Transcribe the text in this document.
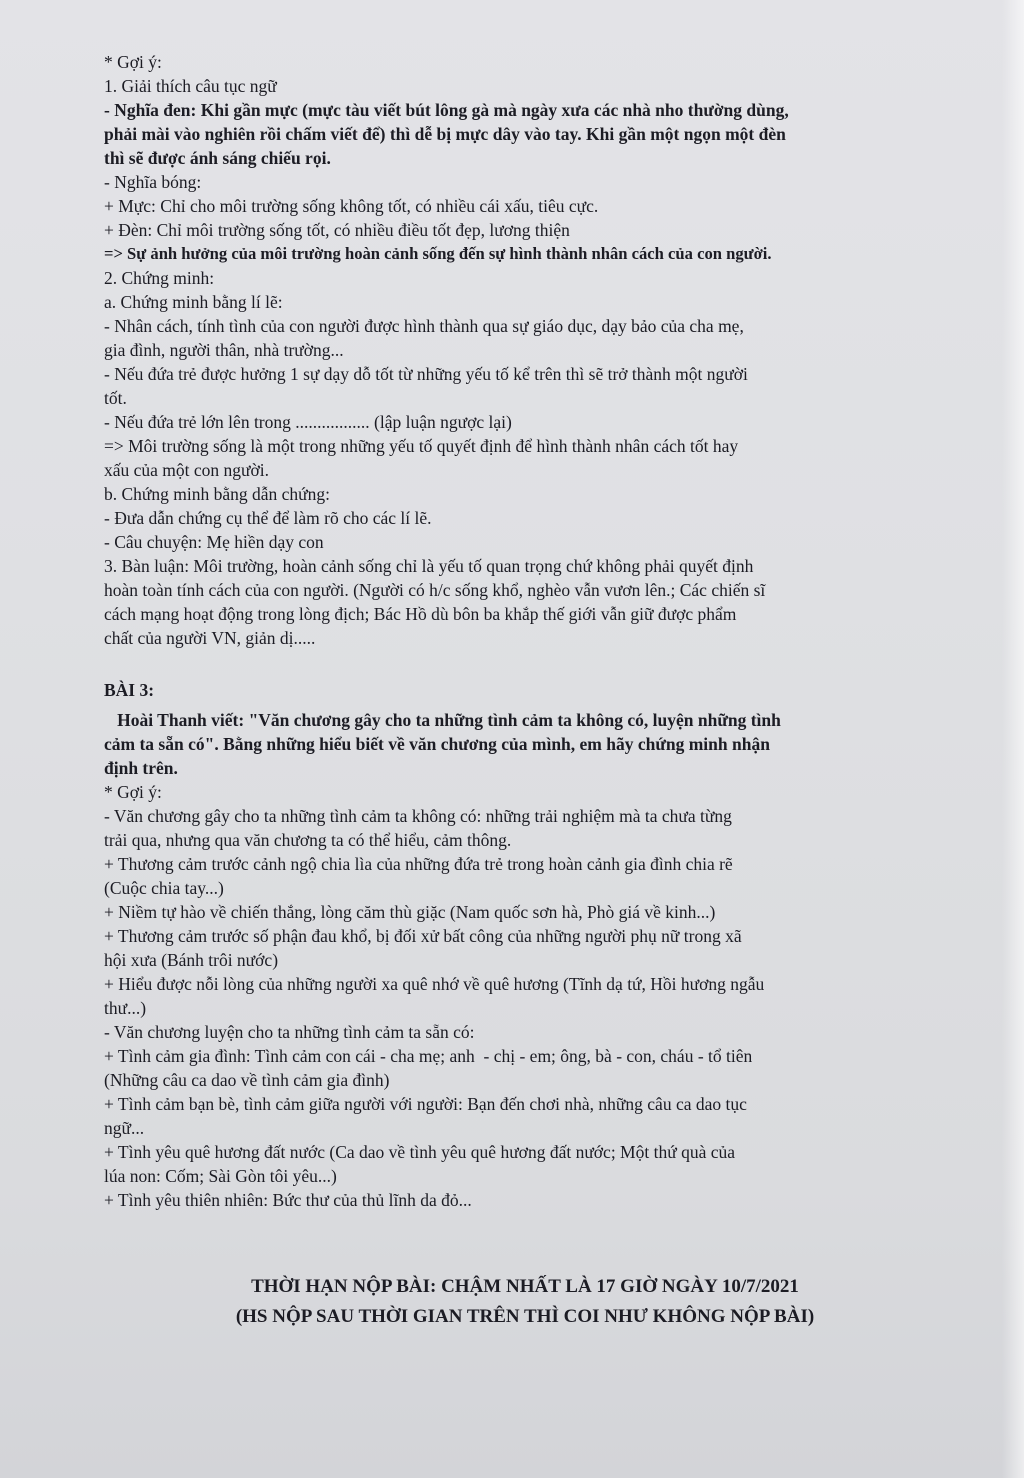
* Gợi ý:
1. Giải thích câu tục ngữ
- Nghĩa đen: Khi gần mực (mực tàu viết bút lông gà mà ngày xưa các nhà nho thường dùng,
phải mài vào nghiên rồi chấm viết để) thì dễ bị mực dây vào tay. Khi gần một ngọn một đèn
thì sẽ được ánh sáng chiếu rọi.
- Nghĩa bóng:
+ Mực: Chỉ cho môi trường sống không tốt, có nhiều cái xấu, tiêu cực.
+ Đèn: Chỉ môi trường sống tốt, có nhiều điều tốt đẹp, lương thiện
=> Sự ảnh hưởng của môi trường hoàn cảnh sống đến sự hình thành nhân cách của con người.
2. Chứng minh:
a. Chứng minh bằng lí lẽ:
- Nhân cách, tính tình của con người được hình thành qua sự giáo dục, dạy bảo của cha mẹ,
gia đình, người thân, nhà trường...
- Nếu đứa trẻ được hưởng 1 sự dạy dỗ tốt từ những yếu tố kể trên thì sẽ trở thành một người
tốt.
- Nếu đứa trẻ lớn lên trong ................. (lập luận ngược lại)
=> Môi trường sống là một trong những yếu tố quyết định để hình thành nhân cách tốt hay
xấu của một con người.
b. Chứng minh bằng dẫn chứng:
- Đưa dẫn chứng cụ thể để làm rõ cho các lí lẽ.
- Câu chuyện: Mẹ hiền dạy con
3. Bàn luận: Môi trường, hoàn cảnh sống chỉ là yếu tố quan trọng chứ không phải quyết định
hoàn toàn tính cách của con người. (Người có h/c sống khổ, nghèo vẫn vươn lên.; Các chiến sĩ
cách mạng hoạt động trong lòng địch; Bác Hồ dù bôn ba khắp thế giới vẫn giữ được phẩm
chất của người VN, giản dị.....
BÀI 3:
Hoài Thanh viết: "Văn chương gây cho ta những tình cảm ta không có, luyện những tình
cảm ta sẵn có". Bằng những hiểu biết về văn chương của mình, em hãy chứng minh nhận
định trên.
* Gợi ý:
- Văn chương gây cho ta những tình cảm ta không có: những trải nghiệm mà ta chưa từng
trải qua, nhưng qua văn chương ta có thể hiểu, cảm thông.
+ Thương cảm trước cảnh ngộ chia lìa của những đứa trẻ trong hoàn cảnh gia đình chia rẽ
(Cuộc chia tay...)
+ Niềm tự hào về chiến thắng, lòng căm thù giặc (Nam quốc sơn hà, Phò giá về kinh...)
+ Thương cảm trước số phận đau khổ, bị đối xử bất công của những người phụ nữ trong xã
hội xưa (Bánh trôi nước)
+ Hiểu được nỗi lòng của những người xa quê nhớ về quê hương (Tĩnh dạ tứ, Hồi hương ngẫu
thư...)
- Văn chương luyện cho ta những tình cảm ta sẵn có:
+ Tình cảm gia đình: Tình cảm con cái - cha mẹ; anh  - chị - em; ông, bà - con, cháu - tổ tiên
(Những câu ca dao về tình cảm gia đình)
+ Tình cảm bạn bè, tình cảm giữa người với người: Bạn đến chơi nhà, những câu ca dao tục
ngữ...
+ Tình yêu quê hương đất nước (Ca dao về tình yêu quê hương đất nước; Một thứ quà của
lúa non: Cốm; Sài Gòn tôi yêu...)
+ Tình yêu thiên nhiên: Bức thư của thủ lĩnh da đỏ...
THỜI HẠN NỘP BÀI: CHẬM NHẤT LÀ 17 GIỜ NGÀY 10/7/2021
(HS NỘP SAU THỜI GIAN TRÊN THÌ COI NHƯ KHÔNG NỘP BÀI)
